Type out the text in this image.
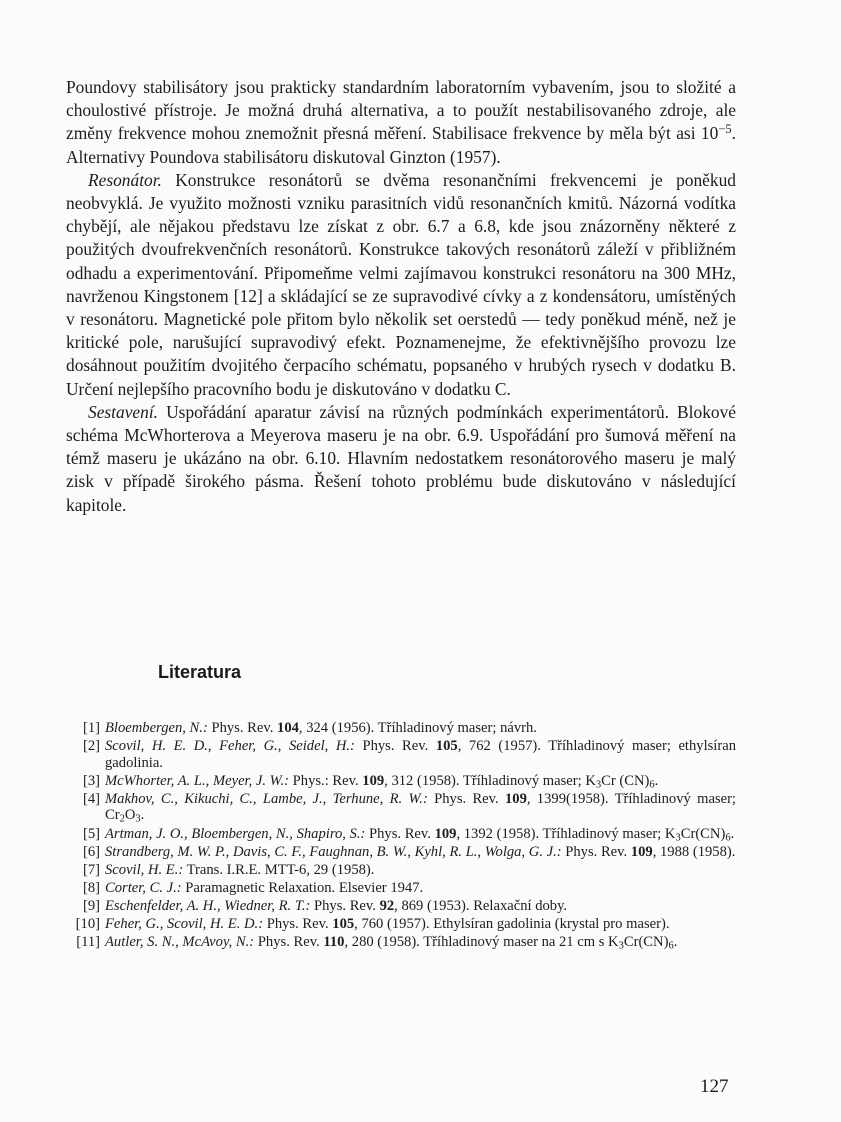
Poundovy stabilisátory jsou prakticky standardním laboratorním vybavením, jsou to složité a choulostivé přístroje. Je možná druhá alternativa, a to použít nestabilisovaného zdroje, ale změny frekvence mohou znemožnit přesná měření. Stabilisace frekvence by měla být asi $10^{-5}$. Alternativy Poundova stabilisátoru diskutoval Ginzton (1957).

Resonátor. Konstrukce resonátorů se dvěma resonančními frekvencemi je poněkud neobvyklá. Je využito možnosti vzniku parasitních vidů resonančních kmitů. Názorná vodítka chybějí, ale nějakou představu lze získat z obr. 6.7 a 6.8, kde jsou znázorněny některé z použitých dvoufrekvenčních resonátorů. Konstrukce takových resonátorů záleží v přibližném odhadu a experimentování. Připomeňme velmi zajímavou konstrukci resonátoru na 300 MHz, navrženou Kingstonem [12] a skládající se ze supravodivé cívky a z kondensátoru, umístěných v resonátoru. Magnetické pole přitom bylo několik set oerstedů — tedy poněkud méně, než je kritické pole, narušující supravodivý efekt. Poznamenejme, že efektivnějšího provozu lze dosáhnout použitím dvojitého čerpacího schématu, popsaného v hrubých rysech v dodatku B. Určení nejlepšího pracovního bodu je diskutováno v dodatku C.

Sestavení. Uspořádání aparatur závisí na různých podmínkách experimentátorů. Blokové schéma McWhorterova a Meyerova maseru je na obr. 6.9. Uspořádání pro šumová měření na témž maseru je ukázáno na obr. 6.10. Hlavním nedostatkem resonátorového maseru je malý zisk v případě širokého pásma. Řešení tohoto problému bude diskutováno v následující kapitole.

Literatura
[1] Bloembergen, N.: Phys. Rev. 104, 324 (1956). Tříhladinový maser; návrh.
[2] Scovil, H. E. D., Feher, G., Seidel, H.: Phys. Rev. 105, 762 (1957). Tříhladinový maser; ethylsíran gadolinia.
[3] McWhorter, A. L., Meyer, J. W.: Phys.: Rev. 109, 312 (1958). Tříhladinový maser; $K_3Cr$ $(CN)_6$.
[4] Makhov, C., Kikuchi, C., Lambe, J., Terhune, R. W.: Phys. Rev. 109, 1399(1958). Tříhladinový maser; $Cr_2O_3$.
[5] Artman, J. O., Bloembergen, N., Shapiro, S.: Phys. Rev. 109, 1392 (1958). Tříhladinový maser; $K_3Cr(CN)_6$.
[6] Strandberg, M. W. P., Davis, C. F., Faughnan, B. W., Kyhl, R. L., Wolga, G. J.: Phys. Rev. 109, 1988 (1958).
[7] Scovil, H. E.: Trans. I.R.E. MTT-6, 29 (1958).
[8] Corter, C. J.: Paramagnetic Relaxation. Elsevier 1947.
[9] Eschenfelder, A. H., Wiedner, R. T.: Phys. Rev. 92, 869 (1953). Relaxační doby.
[10] Feher, G., Scovil, H. E. D.: Phys. Rev. 105, 760 (1957). Ethylsíran gadolinia (krystal pro maser).
[11] Autler, S. N., McAvoy, N.: Phys. Rev. 110, 280 (1958). Tříhladinový maser na 21 cm s $K_3Cr(CN)_6$.
127
